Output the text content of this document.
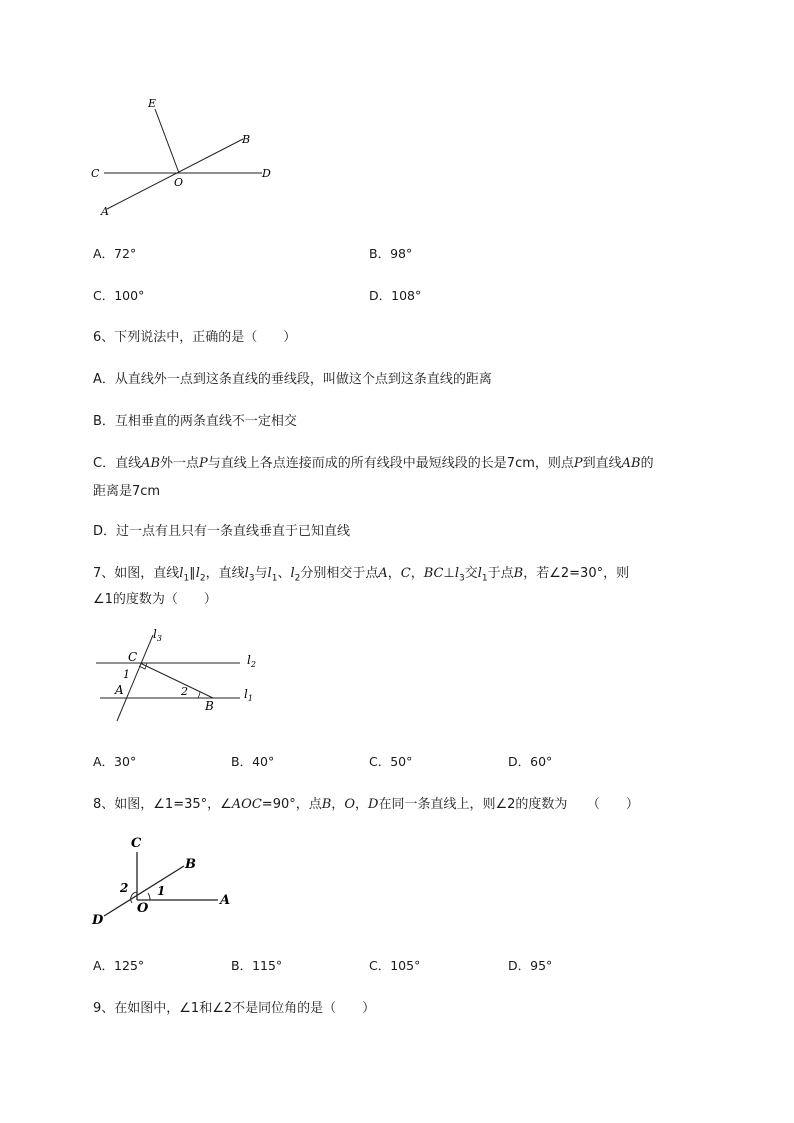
E
B
C
O
D
A
A．72°	B．98°
C．100°	D．108°
6、下列说法中，正确的是（　　）
A．从直线外一点到这条直线的垂线段，叫做这个点到这条直线的距离
B．互相垂直的两条直线不一定相交
C．直线AB外一点P与直线上各点连接而成的所有线段中最短线段的长是7cm，则点P到直线AB的
距离是7cm
D．过一点有且只有一条直线垂直于已知直线
7、如图，直线$l_1\parallel l_2$，直线$l_3$与$l_1$、$l_2$分别相交于点A，C，$BC\perp l_3$交$l_1$于点B，若∠2=30°，则
∠1的度数为（　　）
$l_3$
$l_2$
$l_1$
C
1
A	2
B
A．30°	B．40°	C．50°	D．60°
8、如图，∠1=35°，∠AOC=90°，点B，O，D在同一条直线上，则∠2的度数为　　（　　）
C
B
2 1
O
A
D
A．125°	B．115°	C．105°	D．95°
9、在如图中，∠1和∠2不是同位角的是（　　）
